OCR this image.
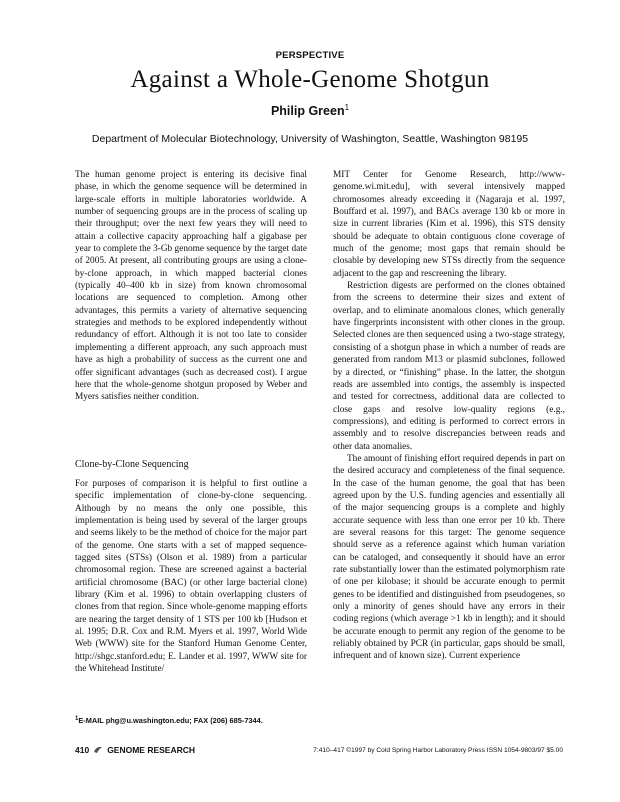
PERSPECTIVE
Against a Whole-Genome Shotgun
Philip Green$^1$
Department of Molecular Biotechnology, University of Washington, Seattle, Washington 98195

The human genome project is entering its decisive final phase, in which the genome sequence will be determined in large-scale efforts in multiple laboratories worldwide. A number of sequencing groups are in the process of scaling up their throughput; over the next few years they will need to attain a collective capacity approaching half a gigabase per year to complete the 3-Gb genome sequence by the target date of 2005. At present, all contributing groups are using a clone-by-clone approach, in which mapped bacterial clones (typically 40–400 kb in size) from known chromosomal locations are sequenced to completion. Among other advantages, this permits a variety of alternative sequencing strategies and methods to be explored independently without redundancy of effort. Although it is not too late to consider implementing a different approach, any such approach must have as high a probability of success as the current one and offer significant advantages (such as decreased cost). I argue here that the whole-genome shotgun proposed by Weber and Myers satisfies neither condition.

Clone-by-Clone Sequencing

For purposes of comparison it is helpful to first outline a specific implementation of clone-by-clone sequencing. Although by no means the only one possible, this implementation is being used by several of the larger groups and seems likely to be the method of choice for the major part of the genome. One starts with a set of mapped sequence-tagged sites (STSs) (Olson et al. 1989) from a particular chromosomal region. These are screened against a bacterial artificial chromosome (BAC) (or other large bacterial clone) library (Kim et al. 1996) to obtain overlapping clusters of clones from that region. Since whole-genome mapping efforts are nearing the target density of 1 STS per 100 kb [Hudson et al. 1995; D.R. Cox and R.M. Myers et al. 1997, World Wide Web (WWW) site for the Stanford Human Genome Center, http://shgc.stanford.edu; E. Lander et al. 1997, WWW site for the Whitehead Institute/

MIT Center for Genome Research, http://www-genome.wi.mit.edu], with several intensively mapped chromosomes already exceeding it (Nagaraja et al. 1997, Bouffard et al. 1997), and BACs average 130 kb or more in size in current libraries (Kim et al. 1996), this STS density should be adequate to obtain contiguous clone coverage of much of the genome; most gaps that remain should be closable by developing new STSs directly from the sequence adjacent to the gap and rescreening the library.

Restriction digests are performed on the clones obtained from the screens to determine their sizes and extent of overlap, and to eliminate anomalous clones, which generally have fingerprints inconsistent with other clones in the group. Selected clones are then sequenced using a two-stage strategy, consisting of a shotgun phase in which a number of reads are generated from random M13 or plasmid subclones, followed by a directed, or “finishing” phase. In the latter, the shotgun reads are assembled into contigs, the assembly is inspected and tested for correctness, additional data are collected to close gaps and resolve low-quality regions (e.g., compressions), and editing is performed to correct errors in assembly and to resolve discrepancies between reads and other data anomalies.

The amount of finishing effort required depends in part on the desired accuracy and completeness of the final sequence. In the case of the human genome, the goal that has been agreed upon by the U.S. funding agencies and essentially all of the major sequencing groups is a complete and highly accurate sequence with less than one error per 10 kb. There are several reasons for this target: The genome sequence should serve as a reference against which human variation can be cataloged, and consequently it should have an error rate substantially lower than the estimated polymorphism rate of one per kilobase; it should be accurate enough to permit genes to be identified and distinguished from pseudogenes, so only a minority of genes should have any errors in their coding regions (which average >1 kb in length); and it should be accurate enough to permit any region of the genome to be reliably obtained by PCR (in particular, gaps should be small, infrequent and of known size). Current experience

$^1$E-MAIL phg@u.washington.edu; FAX (206) 685-7344.
410 GENOME RESEARCH	7:410–417 ©1997 by Cold Spring Harbor Laboratory Press ISSN 1054-9803/97 $5.00
